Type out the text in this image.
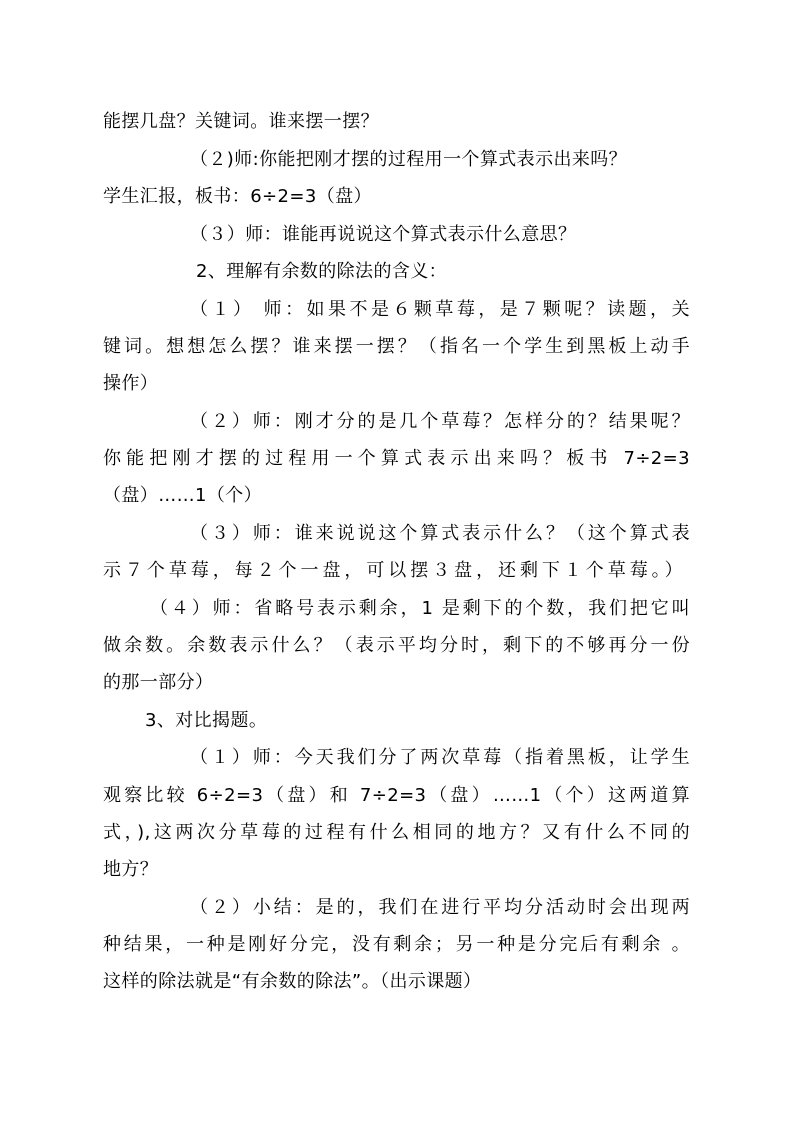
能摆几盘？关键词。谁来摆一摆？
（２)师:你能把刚才摆的过程用一个算式表示出来吗？
学生汇报，板书：6÷2=3（盘）
（３）师：谁能再说说这个算式表示什么意思？
2、理解有余数的除法的含义：
（１） 师：如果不是６颗草莓，是７颗呢？读题，关
键词。想想怎么摆？谁来摆一摆？（指名一个学生到黑板上动手
操作）
（２）师：刚才分的是几个草莓？怎样分的？结果呢？
你能把刚才摆的过程用一个算式表示出来吗？板书 7÷2=3
（盘）……1（个）
（３）师：谁来说说这个算式表示什么？（这个算式表
示７个草莓，每２个一盘，可以摆３盘，还剩下１个草莓。）
（４）师：省略号表示剩余，1 是剩下的个数，我们把它叫
做余数。余数表示什么？（表示平均分时，剩下的不够再分一份
的那一部分）
3、对比揭题。
（１）师：今天我们分了两次草莓（指着黑板，让学生
观察比较 6÷2=3（盘）和 7÷2=3（盘）……1（个）这两道算
式，),这两次分草莓的过程有什么相同的地方？又有什么不同的
地方？
（２）小结：是的，我们在进行平均分活动时会出现两
种结果，一种是刚好分完，没有剩余；另一种是分完后有剩余 。
这样的除法就是“有余数的除法”。（出示课题）
